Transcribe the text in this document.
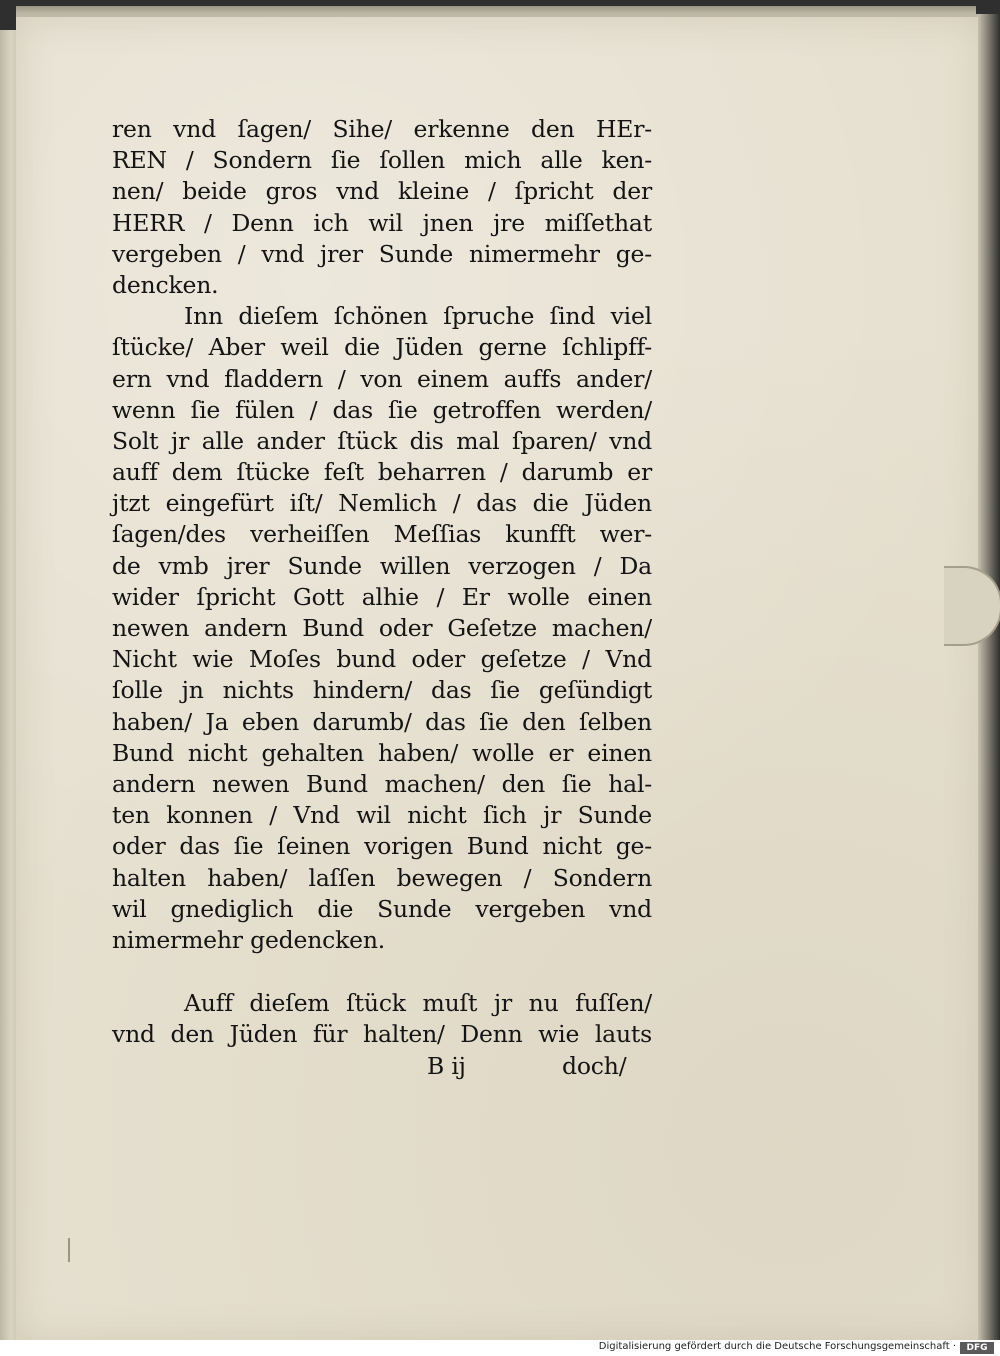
ren vnd ſagen/ Sihe/ erkenne den HEr-
REN / Sondern ſie ſollen mich alle ken-
nen/ beide gros vnd kleine / ſpricht der
HERR / Denn ich wil jnen jre miſſethat
vergeben / vnd jrer Sunde nimermehr ge-
dencken.
Inn dieſem ſchönen ſpruche ſind viel
ſtücke/ Aber weil die Jüden gerne ſchlipff-
ern vnd fladdern / von einem auffs ander/
wenn ſie fülen / das ſie getroffen werden/
Solt jr alle ander ſtück dis mal ſparen/ vnd
auff dem ſtücke feſt beharren / darumb er
jtzt eingefürt iſt/ Nemlich / das die Jüden
ſagen/des verheiſſen Meſſias kunfft wer-
de vmb jrer Sunde willen verzogen / Da
wider ſpricht Gott alhie / Er wolle einen
newen andern Bund oder Geſetze machen/
Nicht wie Moſes bund oder geſetze / Vnd
ſolle jn nichts hindern/ das ſie geſündigt
haben/ Ja eben darumb/ das ſie den ſelben
Bund nicht gehalten haben/ wolle er einen
andern newen Bund machen/ den ſie hal-
ten konnen / Vnd wil nicht ſich jr Sunde
oder das ſie ſeinen vorigen Bund nicht ge-
halten haben/ laſſen bewegen / Sondern
wil gnediglich die Sunde vergeben vnd
nimermehr gedencken.
Auff dieſem ſtück muſt jr nu fuſſen/
vnd den Jüden für halten/ Denn wie lauts
B ij	doch/
Digitalisierung gefördert durch die Deutsche Forschungsgemeinschaft ·	DFG
